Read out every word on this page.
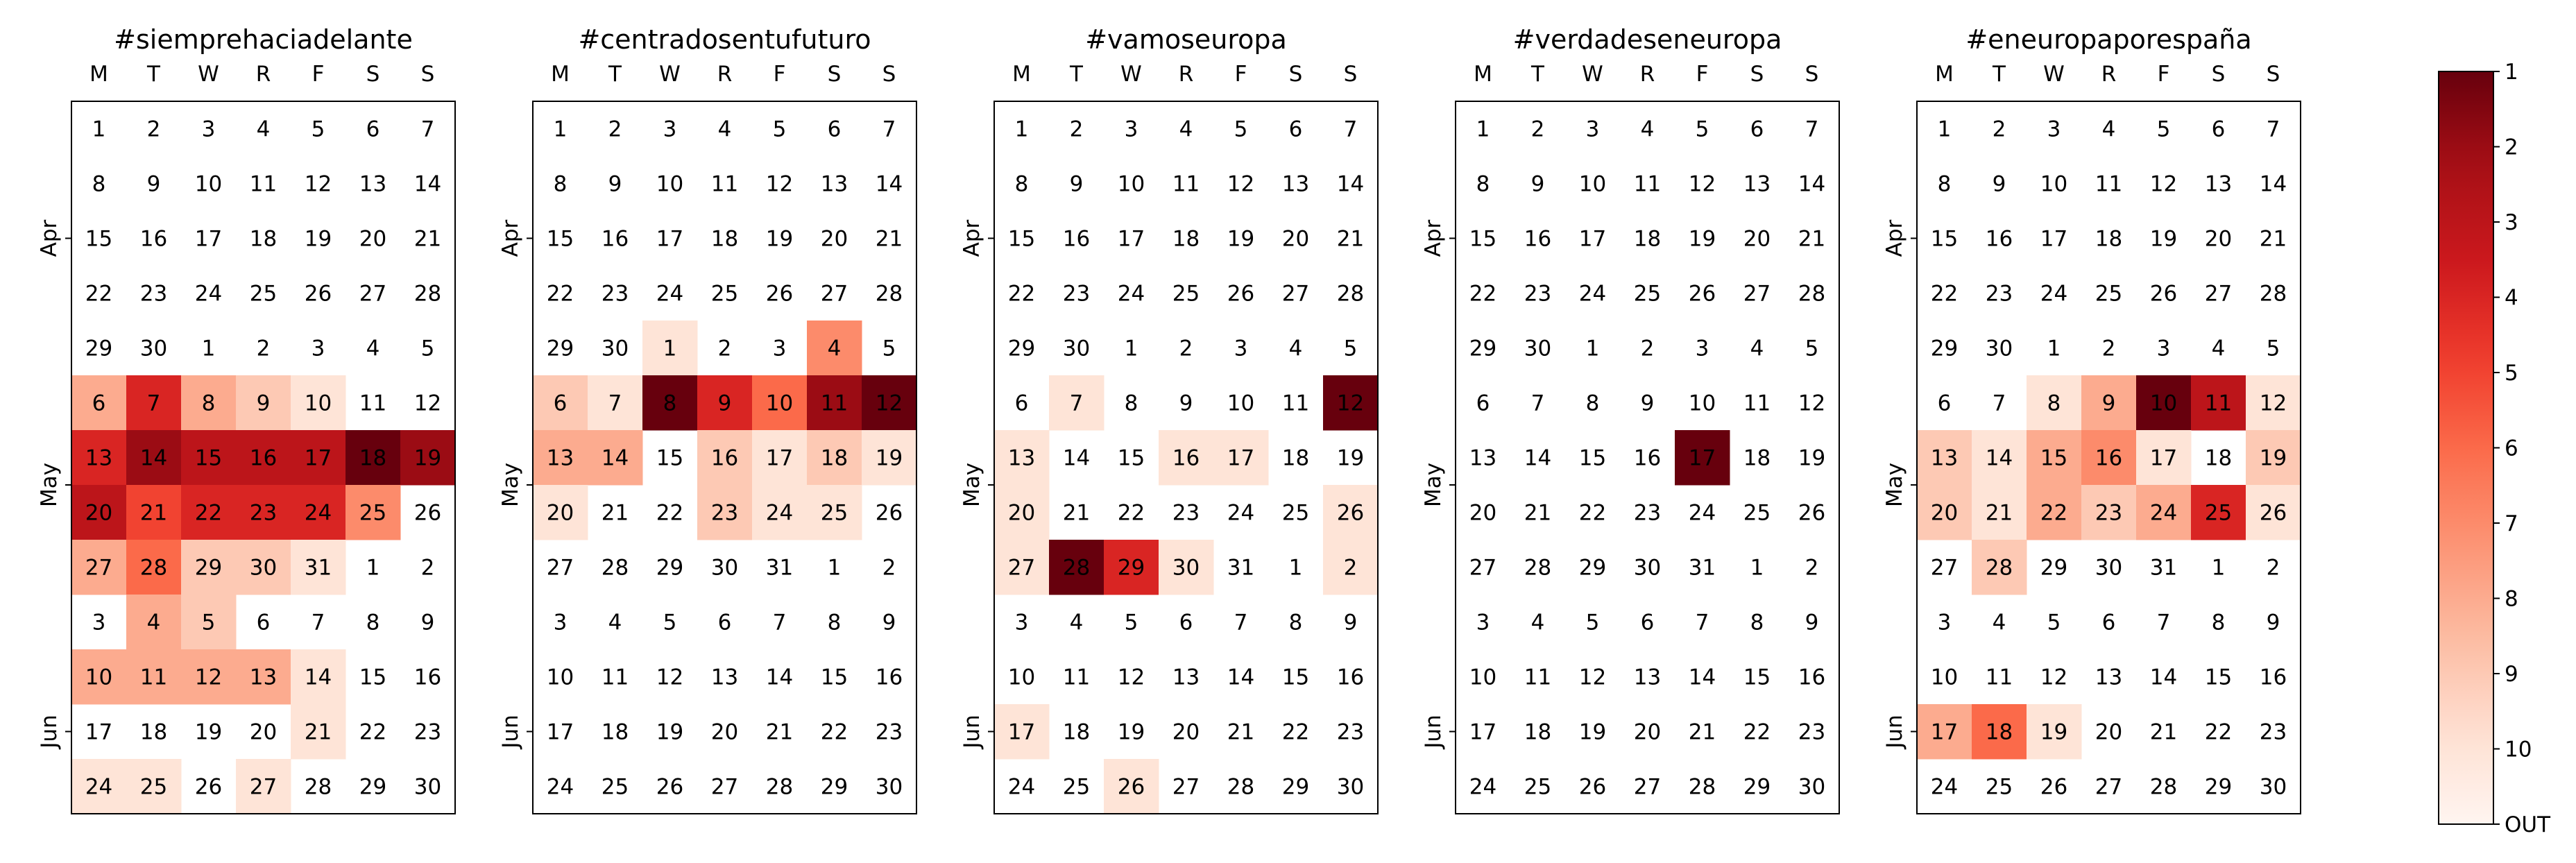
#siemprehaciadelante
M T W R F S S
1 2 3 4 5 6 7
8 9 10 11 12 13 14
15 16 17 18 19 20 21
22 23 24 25 26 27 28
29 30 1 2 3 4 5
6 7 8 9 10 11 12
13 14 15 16 17 18 19
20 21 22 23 24 25 26
27 28 29 30 31 1 2
3 4 5 6 7 8 9
10 11 12 13 14 15 16
17 18 19 20 21 22 23
24 25 26 27 28 29 30
Apr
May
Jun
#centradosentufuturo
M T W R F S S
1 2 3 4 5 6 7
8 9 10 11 12 13 14
15 16 17 18 19 20 21
22 23 24 25 26 27 28
29 30 1 2 3 4 5
6 7 8 9 10 11 12
13 14 15 16 17 18 19
20 21 22 23 24 25 26
27 28 29 30 31 1 2
3 4 5 6 7 8 9
10 11 12 13 14 15 16
17 18 19 20 21 22 23
24 25 26 27 28 29 30
Apr
May
Jun
#vamoseuropa
M T W R F S S
1 2 3 4 5 6 7
8 9 10 11 12 13 14
15 16 17 18 19 20 21
22 23 24 25 26 27 28
29 30 1 2 3 4 5
6 7 8 9 10 11 12
13 14 15 16 17 18 19
20 21 22 23 24 25 26
27 28 29 30 31 1 2
3 4 5 6 7 8 9
10 11 12 13 14 15 16
17 18 19 20 21 22 23
24 25 26 27 28 29 30
Apr
May
Jun
#verdadeseneuropa
M T W R F S S
1 2 3 4 5 6 7
8 9 10 11 12 13 14
15 16 17 18 19 20 21
22 23 24 25 26 27 28
29 30 1 2 3 4 5
6 7 8 9 10 11 12
13 14 15 16 17 18 19
20 21 22 23 24 25 26
27 28 29 30 31 1 2
3 4 5 6 7 8 9
10 11 12 13 14 15 16
17 18 19 20 21 22 23
24 25 26 27 28 29 30
Apr
May
Jun
#eneuropaporespaña
M T W R F S S
1 2 3 4 5 6 7
8 9 10 11 12 13 14
15 16 17 18 19 20 21
22 23 24 25 26 27 28
29 30 1 2 3 4 5
6 7 8 9 10 11 12
13 14 15 16 17 18 19
20 21 22 23 24 25 26
27 28 29 30 31 1 2
3 4 5 6 7 8 9
10 11 12 13 14 15 16
17 18 19 20 21 22 23
24 25 26 27 28 29 30
Apr
May
Jun
1
2
3
4
5
6
7
8
9
10
OUT
